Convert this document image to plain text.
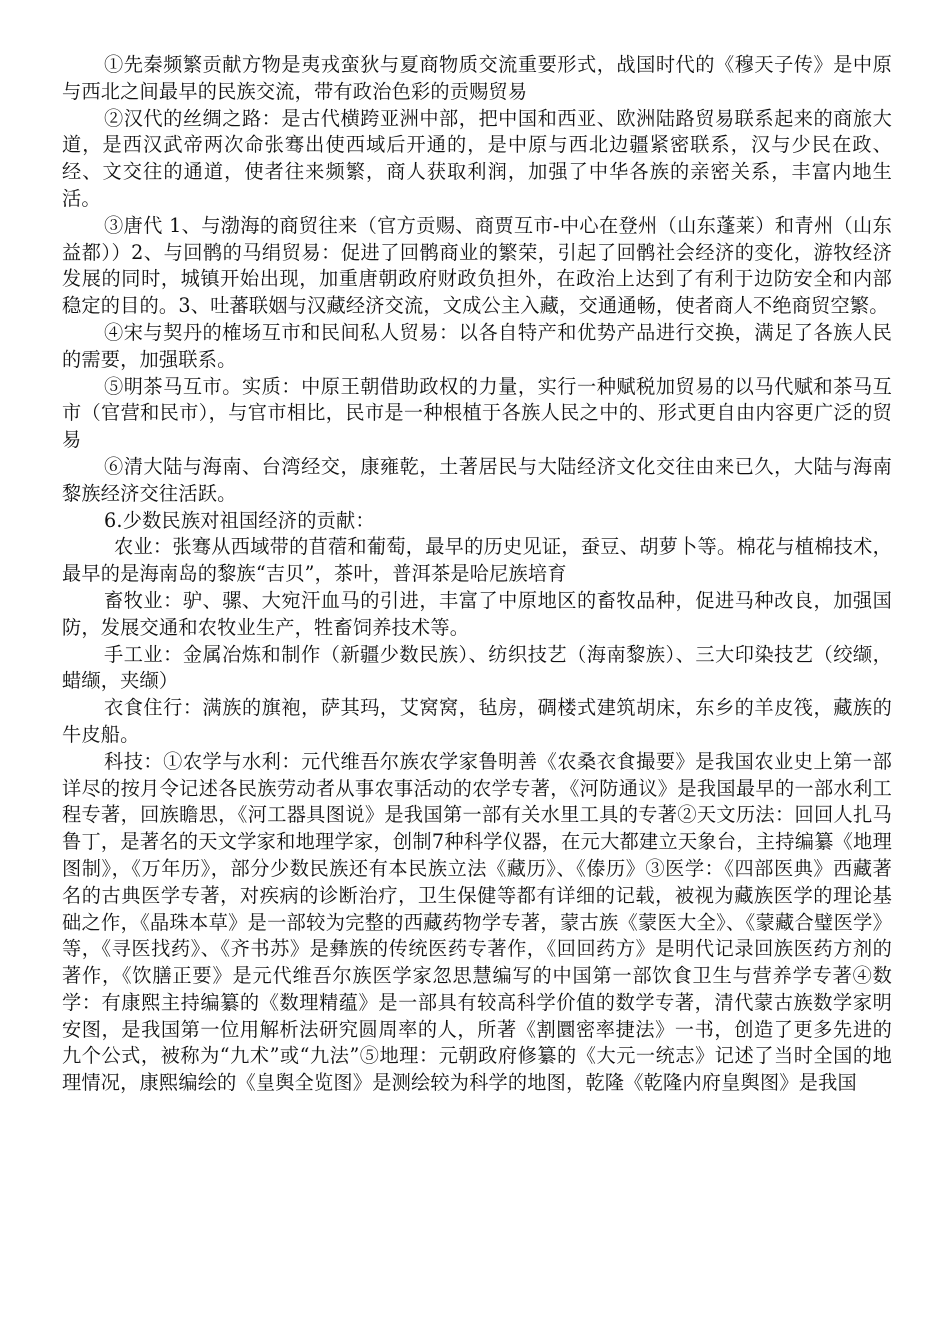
①先秦频繁贡献方物是夷戎蛮狄与夏商物质交流重要形式，战国时代的《穆天子传》是中原与西北之间最早的民族交流，带有政治色彩的贡赐贸易

②汉代的丝绸之路：是古代横跨亚洲中部，把中国和西亚、欧洲陆路贸易联系起来的商旅大道，是西汉武帝两次命张骞出使西域后开通的，是中原与西北边疆紧密联系，汉与少民在政、经、文交往的通道，使者往来频繁，商人获取利润，加强了中华各族的亲密关系，丰富内地生活。

③唐代 1、与渤海的商贸往来（官方贡赐、商贾互市-中心在登州（山东蓬莱）和青州（山东益都））2、与回鹘的马绢贸易：促进了回鹘商业的繁荣，引起了回鹘社会经济的变化，游牧经济发展的同时，城镇开始出现，加重唐朝政府财政负担外，在政治上达到了有利于边防安全和内部稳定的目的。3、吐蕃联姻与汉藏经济交流，文成公主入藏，交通通畅，使者商人不绝商贸空繁。

④宋与契丹的榷场互市和民间私人贸易：以各自特产和优势产品进行交换，满足了各族人民的需要，加强联系。

⑤明茶马互市。实质：中原王朝借助政权的力量，实行一种赋税加贸易的以马代赋和茶马互市（官营和民市），与官市相比，民市是一种根植于各族人民之中的、形式更自由内容更广泛的贸易

⑥清大陆与海南、台湾经交，康雍乾，土著居民与大陆经济文化交往由来已久，大陆与海南黎族经济交往活跃。

6.少数民族对祖国经济的贡献：

农业：张骞从西域带的苜蓿和葡萄，最早的历史见证，蚕豆、胡萝卜等。棉花与植棉技术，最早的是海南岛的黎族“吉贝”，茶叶，普洱茶是哈尼族培育

畜牧业：驴、骡、大宛汗血马的引进，丰富了中原地区的畜牧品种，促进马种改良，加强国防，发展交通和农牧业生产，牲畜饲养技术等。

手工业：金属冶炼和制作（新疆少数民族）、纺织技艺（海南黎族）、三大印染技艺（绞缬，蜡缬，夹缬）

衣食住行：满族的旗袍，萨其玛，艾窝窝，毡房，碉楼式建筑胡床，东乡的羊皮筏，藏族的牛皮船。

科技：①农学与水利：元代维吾尔族农学家鲁明善《农桑衣食撮要》是我国农业史上第一部详尽的按月令记述各民族劳动者从事农事活动的农学专著，《河防通议》是我国最早的一部水利工程专著，回族瞻思，《河工器具图说》是我国第一部有关水里工具的专著②天文历法：回回人扎马鲁丁，是著名的天文学家和地理学家，创制7种科学仪器，在元大都建立天象台，主持编纂《地理图制》，《万年历》，部分少数民族还有本民族立法《藏历》、《傣历》③医学：《四部医典》西藏著名的古典医学专著，对疾病的诊断治疗，卫生保健等都有详细的记载，被视为藏族医学的理论基础之作，《晶珠本草》是一部较为完整的西藏药物学专著，蒙古族《蒙医大全》、《蒙藏合璧医学》等，《寻医找药》、《齐书苏》是彝族的传统医药专著作，《回回药方》是明代记录回族医药方剂的著作，《饮膳正要》是元代维吾尔族医学家忽思慧编写的中国第一部饮食卫生与营养学专著④数学：有康熙主持编纂的《数理精蕴》是一部具有较高科学价值的数学专著，清代蒙古族数学家明安图，是我国第一位用解析法研究圆周率的人，所著《割圜密率捷法》一书，创造了更多先进的九个公式，被称为“九术”或“九法”⑤地理：元朝政府修纂的《大元一统志》记述了当时全国的地理情况，康熙编绘的《皇舆全览图》是测绘较为科学的地图，乾隆《乾隆内府皇舆图》是我国
